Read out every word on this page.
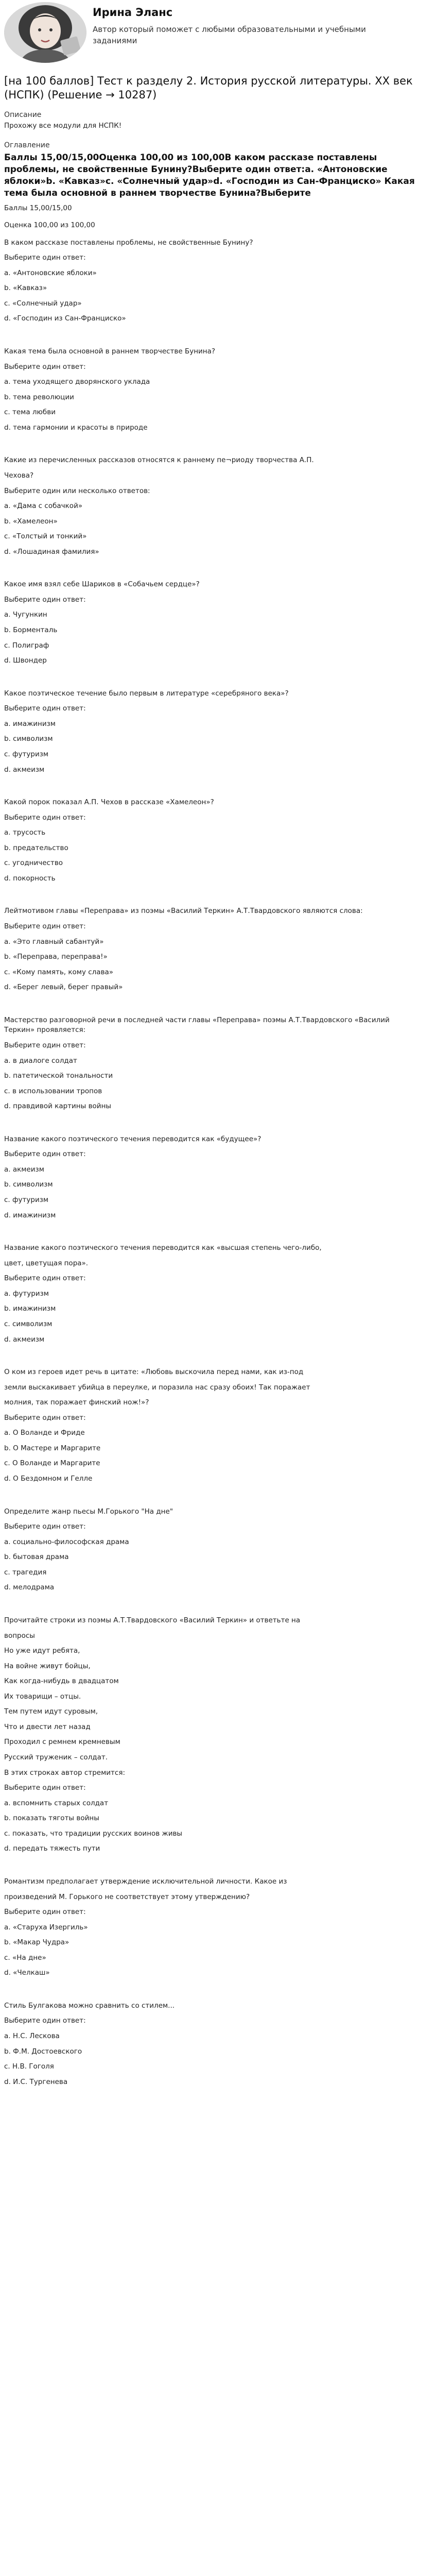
Ирина Эланс
Автор который поможет с любыми образовательными и учебными заданиями
[на 100 баллов] Тест к разделу 2. История русской литературы. XX век (НСПК) (Решение → 10287)
Описание
Прохожу все модули для НСПК!
Оглавление
Баллы 15,00/15,00Оценка 100,00 из 100,00В каком рассказе поставлены проблемы, не свойственные Бунину?Выберите один ответ:a. «Антоновские яблоки»b. «Кавказ»c. «Солнечный удар»d. «Господин из Сан-Франциско» Какая тема была основной в раннем творчестве Бунина?Выберите
Баллы 15,00/15,00
Оценка 100,00 из 100,00

В каком рассказе поставлены проблемы, не свойственные Бунину?

Выберите один ответ:

a. «Антоновские яблоки»
b. «Кавказ»
c. «Солнечный удар»
d. «Господин из Сан-Франциско»

Какая тема была основной в раннем творчестве Бунина?

Выберите один ответ:

a. тема уходящего дворянского уклада
b. тема революции
c. тема любви
d. тема гармонии и красоты в природе

Какие из перечисленных рассказов относятся к раннему пе¬риоду творчества А.П.

Чехова?

Выберите один или несколько ответов:

a. «Дама с собачкой»
b. «Хамелеон»
c. «Толстый и тонкий»
d. «Лошадиная фамилия»

Какое имя взял себе Шариков в «Собачьем сердце»?

Выберите один ответ:

a. Чугункин
b. Борменталь
c. Полиграф
d. Швондер

Какое поэтическое течение было первым в литературе «серебряного века»?

Выберите один ответ:

a. имажинизм
b. символизм
c. футуризм
d. акмеизм

Какой порок показал А.П. Чехов в рассказе «Хамелеон»?

Выберите один ответ:

a. трусость
b. предательство
c. угодничество
d. покорность

Лейтмотивом главы «Переправа» из поэмы «Василий Теркин» А.Т.Твардовского являются слова:

Выберите один ответ:

a. «Это главный сабантуй»
b. «Переправа, переправа!»
c. «Кому память, кому слава»
d. «Берег левый, берег правый»

Мастерство разговорной речи в последней части главы «Переправа» поэмы А.Т.Твардовского «Василий Теркин» проявляется:

Выберите один ответ:

a. в диалоге солдат
b. патетической тональности
c. в использовании тропов
d. правдивой картины войны

Название какого поэтического течения переводится как «будущее»?

Выберите один ответ:

a. акмеизм
b. символизм
c. футуризм
d. имажинизм

Название какого поэтического течения переводится как «высшая степень чего-либо,

цвет, цветущая пора».

Выберите один ответ:

a. футуризм
b. имажинизм
c. символизм
d. акмеизм

О ком из героев идет речь в цитате: «Любовь выскочила перед нами, как из-под

земли выскакивает убийца в переулке, и поразила нас сразу обоих! Так поражает

молния, так поражает финский нож!»?

Выберите один ответ:

a. О Воланде и Фриде
b. О Мастере и Маргарите
c. О Воланде и Маргарите
d. О Бездомном и Гелле

Определите жанр пьесы М.Горького "На дне"

Выберите один ответ:

a. социально-философская драма
b. бытовая драма
c. трагедия
d. мелодрама

Прочитайте строки из поэмы А.Т.Твардовского «Василий Теркин» и ответьте на

вопросы

Но уже идут ребята,

На войне живут бойцы,

Как когда-нибудь в двадцатом

Их товарищи – отцы.

Тем путем идут суровым,

Что и двести лет назад

Проходил с ремнем кремневым

Русский труженик – солдат.

В этих строках автор стремится:

Выберите один ответ:

a. вспомнить старых солдат
b. показать тяготы войны
c. показать, что традиции русских воинов живы
d. передать тяжесть пути

Романтизм предполагает утверждение исключительной личности. Какое из

произведений М. Горького не соответствует этому утверждению?

Выберите один ответ:

a. «Старуха Изергиль»
b. «Макар Чудра»
c. «На дне»
d. «Челкаш»

Стиль Булгакова можно сравнить со стилем...

Выберите один ответ:

a. Н.С. Лескова
b. Ф.М. Достоевского
c. Н.В. Гоголя
d. И.С. Тургенева
